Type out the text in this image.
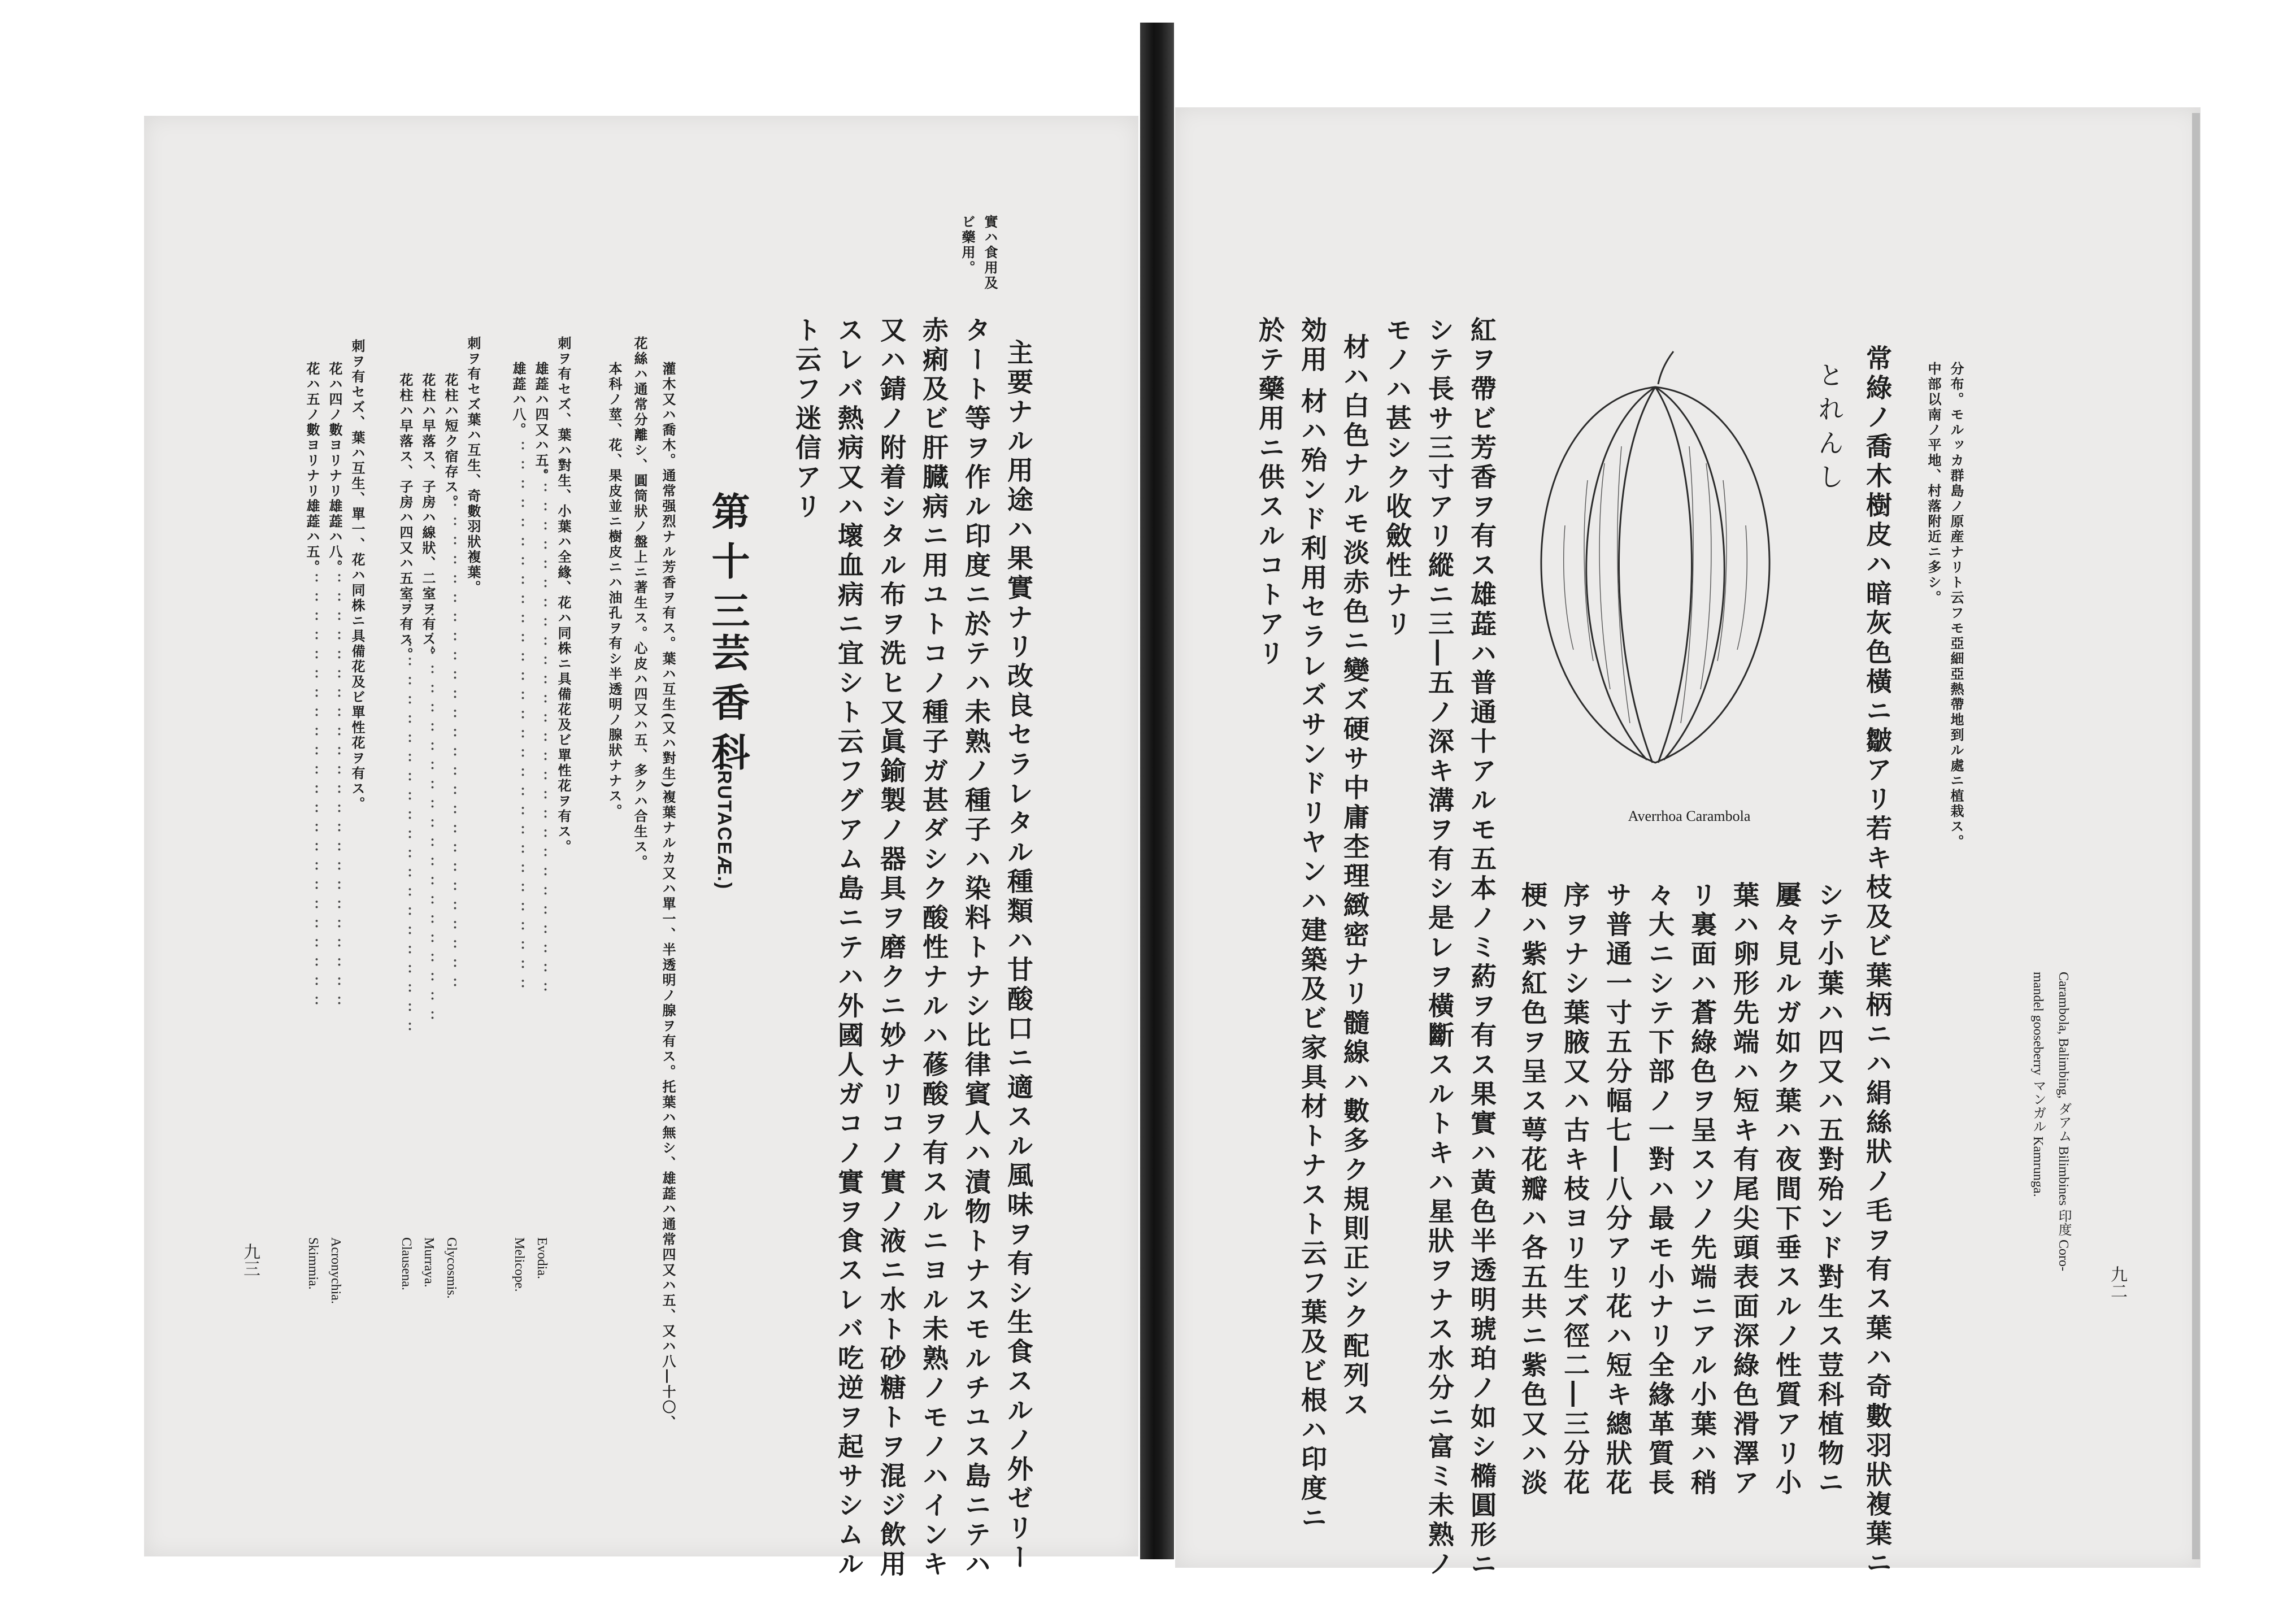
九二
Carambola, Balimbing, ダアム Bilimbines 印度 Coro-
mandel gooseberry マンガル Kamrunga.
分布。モルッカ群島ノ原産ナリト云フモ亞細亞熱帶地到ル處ニ植栽ス。
中部以南ノ平地、村落附近ニ多シ。
常綠ノ喬木樹皮ハ暗灰色橫ニ皺アリ若キ枝及ビ葉柄ニハ絹絲狀ノ毛ヲ有ス葉ハ奇數羽狀複葉ニ
とれんし
シテ小葉ハ四又ハ五對殆ンド對生ス荳科植物ニ
屢々見ルガ如ク葉ハ夜間下垂スルノ性質アリ小
葉ハ卵形先端ハ短キ有尾尖頭表面深綠色滑澤ア
リ裏面ハ蒼綠色ヲ呈スソノ先端ニアル小葉ハ稍
々大ニシテ下部ノ一對ハ最モ小ナリ全緣革質長
サ普通一寸五分幅七―八分アリ花ハ短キ總狀花
序ヲナシ葉腋又ハ古キ枝ヨリ生ズ徑二―三分花
梗ハ紫紅色ヲ呈ス萼花瓣ハ各五共ニ紫色又ハ淡
紅ヲ帶ビ芳香ヲ有ス雄蕋ハ普通十アルモ五本ノミ葯ヲ有ス果實ハ黃色半透明琥珀ノ如シ橢圓形ニ
シテ長サ三寸アリ縱ニ三―五ノ深キ溝ヲ有シ是レヲ橫斷スルトキハ星狀ヲナス水分ニ富ミ未熟ノ
モノハ甚シク收斂性ナリ
材ハ白色ナルモ淡赤色ニ變ズ硬サ中庸杢理緻密ナリ髓線ハ數多ク規則正シク配列ス
効用 材ハ殆ンド利用セラレズサンドリヤンハ建築及ビ家具材トナスト云フ葉及ビ根ハ印度ニ
於テ藥用ニ供スルコトアリ
Averrhoa Carambola
實ハ食用及
ビ藥用。
主要ナル用途ハ果實ナリ改良セラレタル種類ハ甘酸口ニ適スル風味ヲ有シ生食スルノ外ゼリー
タート等ヲ作ル印度ニ於テハ未熟ノ種子ハ染料トナシ比律賓人ハ漬物トナスモルチユス島ニテハ
赤痢及ビ肝臓病ニ用ユトコノ種子ガ甚ダシク酸性ナルハ蓚酸ヲ有スルニヨル未熟ノモノハインキ
又ハ錆ノ附着シタル布ヲ洗ヒ又眞鍮製ノ器具ヲ磨クニ妙ナリコノ實ノ液ニ水ト砂糖トヲ混ジ飲用
スレバ熱病又ハ壞血病ニ宜シト云フグアム島ニテハ外國人ガコノ實ヲ食スレバ吃逆ヲ起サシムル
ト云フ迷信アリ
第十三
芸香科
(RUTACEÆ.)
灌木又ハ喬木。通常强烈ナル芳香ヲ有ス。葉ハ互生(又ハ對生)複葉ナルカ又ハ單一、半透明ノ腺ヲ有ス。托葉ハ無シ、雄蕋ハ通常四又ハ五、又ハ八―十〇、
花絲ハ通常分離シ、圓筒狀ノ盤上ニ著生ス。心皮ハ四又ハ五、多クハ合生ス。
本科ノ莖、花、果皮並ニ樹皮ニハ油孔ヲ有シ半透明ノ腺狀ナナス。
刺ヲ有セズ、葉ハ對生、小葉ハ全緣、花ハ同株ニ具備花及ビ單性花ヲ有ス。
雄蕋ハ四又ハ五。
：：：：：：：：：：：：：：：：：：：：：：：：：：：：
Evodia.
雄蕋ハ八。
：：：：：：：：：：：：：：：：：：：：：：：：：：：：：
Melicope.
刺ヲ有セズ葉ハ互生、奇數羽狀複葉。
花柱ハ短ク宿存ス。
：：：：：：：：：：：：：：：：：：：：：：：：：：
Glycosmis.
花柱ハ早落ス、子房ハ線狀、二室ヲ有ス。
：：：：：：：：：：：：：：：：：：：：：：：
Murraya.
花柱ハ早落ス、子房ハ四又ハ五室ヲ有ス。
：：：：：：：：：：：：：：：：：：：：：：：
Clausena.
刺ヲ有セズ、葉ハ互生、單一、花ハ同株ニ具備花及ビ單性花ヲ有ス。
花ハ四ノ數ヨリナリ雄蕋ハ八。
：：：：：：：：：：：：：：：：：：：：：：：：
Acronychia.
花ハ五ノ數ヨリナリ雄蕋ハ五。
：：：：：：：：：：：：：：：：：：：：：：：：
Skimmia.
九三
